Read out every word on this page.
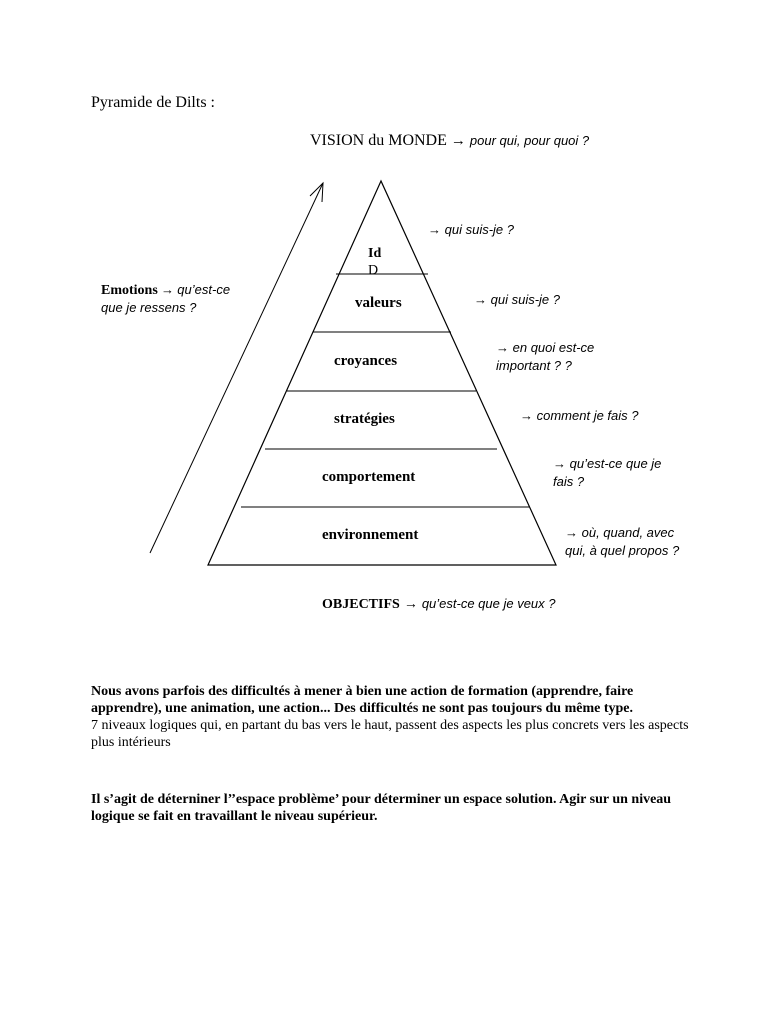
Pyramide de Dilts :
VISION du MONDE → pour qui, pour quoi ?
Id
D
valeurs
croyances
stratégies
comportement
environnement
→ qui suis-je ?
→ qui suis-je ?
→ en quoi est-ce
important ? ?
→ comment je fais ?
→ qu’est-ce que je
fais ?
→ où, quand, avec
qui, à quel propos ?
Emotions → qu’est-ce
que je ressens ?
OBJECTIFS → qu’est-ce que je veux ?

Nous avons parfois des difficultés à mener à bien une action de formation (apprendre, faire apprendre), une animation, une action... Des difficultés ne sont pas toujours du même type.

7 niveaux logiques qui, en partant du bas vers le haut, passent des aspects les plus concrets vers les aspects plus intérieurs

Il s’agit de déterniner l’’espace problème’ pour déterminer un espace solution. Agir sur un niveau logique se fait en travaillant le niveau supérieur.
